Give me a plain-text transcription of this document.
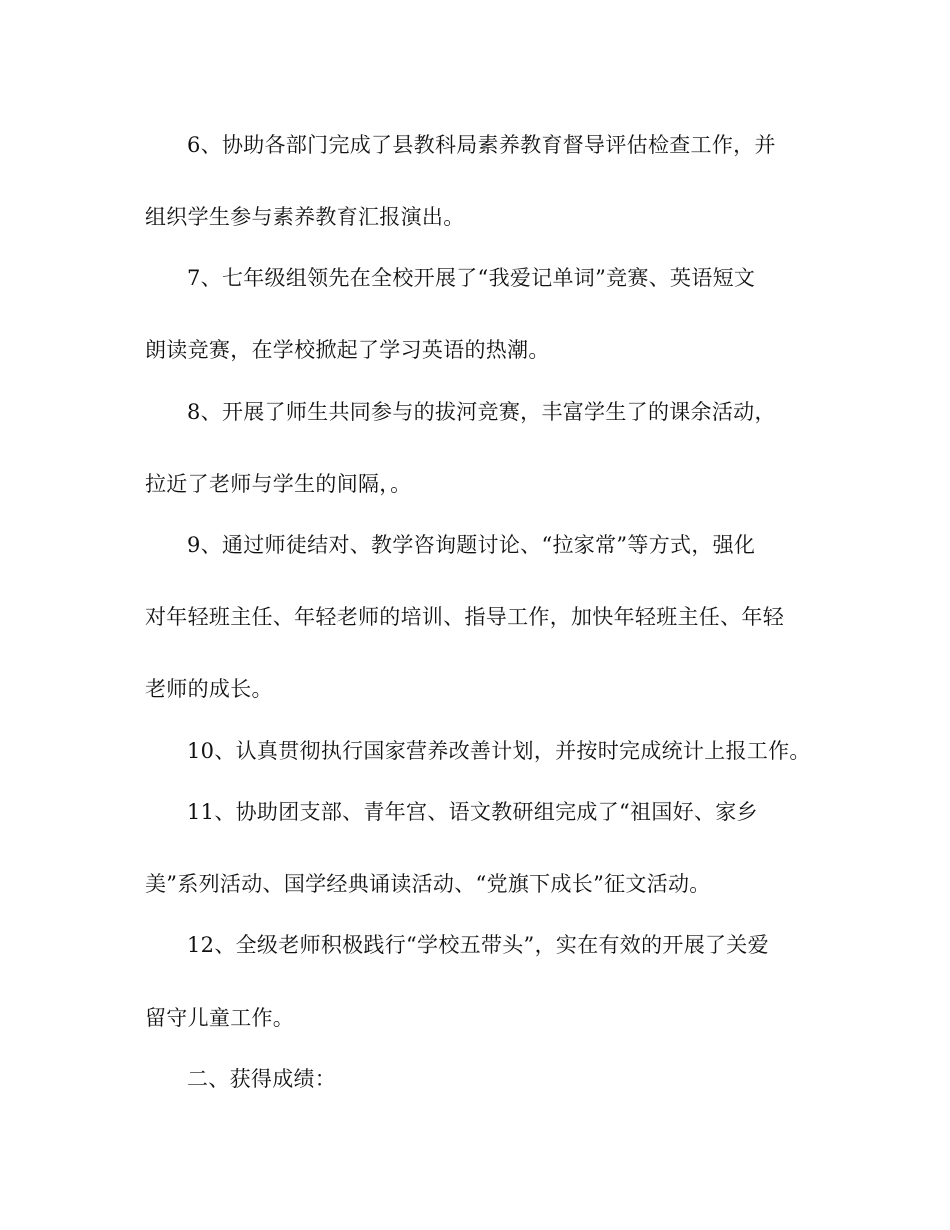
6、协助各部门完成了县教科局素养教育督导评估检查工作，并
组织学生参与素养教育汇报演出。
7、七年级组领先在全校开展了“我爱记单词”竞赛、英语短文
朗读竞赛，在学校掀起了学习英语的热潮。
8、开展了师生共同参与的拔河竞赛，丰富学生了的课余活动，
拉近了老师与学生的间隔，。
9、通过师徒结对、教学咨询题讨论、“拉家常”等方式，强化
对年轻班主任、年轻老师的培训、指导工作，加快年轻班主任、年轻
老师的成长。
10、认真贯彻执行国家营养改善计划，并按时完成统计上报工作。
11、协助团支部、青年宫、语文教研组完成了“祖国好、家乡
美”系列活动、国学经典诵读活动、“党旗下成长”征文活动。
12、全级老师积极践行“学校五带头”，实在有效的开展了关爱
留守儿童工作。
二、获得成绩：
